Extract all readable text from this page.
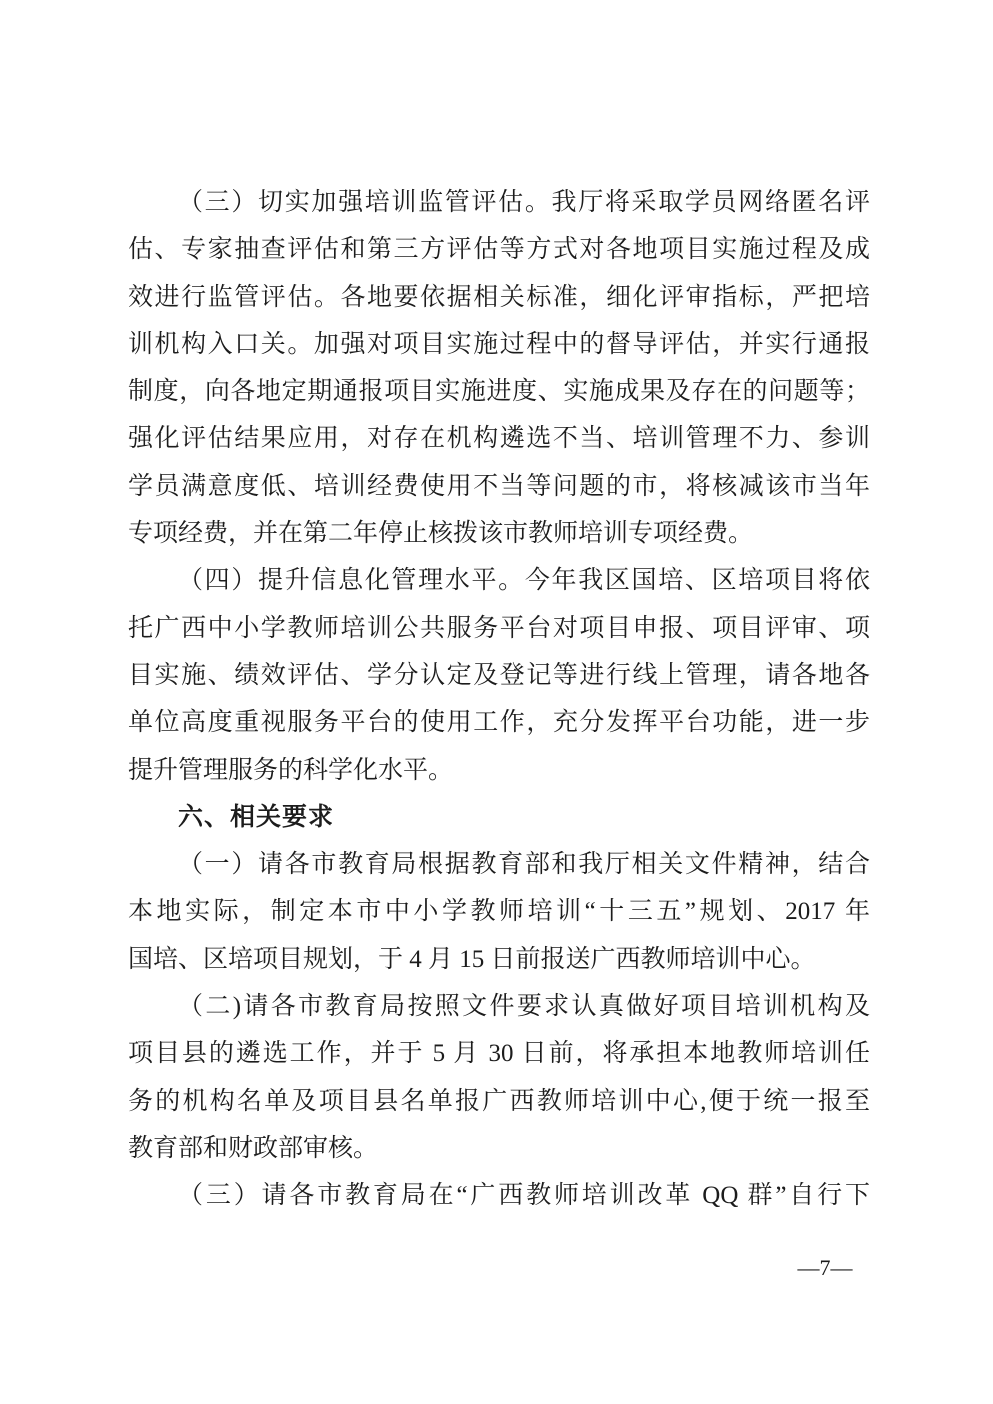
（三）切实加强培训监管评估。我厅将采取学员网络匿名评
估、专家抽查评估和第三方评估等方式对各地项目实施过程及成
效进行监管评估。各地要依据相关标准，细化评审指标，严把培
训机构入口关。加强对项目实施过程中的督导评估，并实行通报
制度，向各地定期通报项目实施进度、实施成果及存在的问题等；
强化评估结果应用，对存在机构遴选不当、培训管理不力、参训
学员满意度低、培训经费使用不当等问题的市，将核减该市当年
专项经费，并在第二年停止核拨该市教师培训专项经费。
（四）提升信息化管理水平。今年我区国培、区培项目将依
托广西中小学教师培训公共服务平台对项目申报、项目评审、项
目实施、绩效评估、学分认定及登记等进行线上管理，请各地各
单位高度重视服务平台的使用工作，充分发挥平台功能，进一步
提升管理服务的科学化水平。
六、相关要求
（一）请各市教育局根据教育部和我厅相关文件精神，结合
本地实际，制定本市中小学教师培训“十三五”规划、2017 年
国培、区培项目规划，于 4 月 15 日前报送广西教师培训中心。
（二)请各市教育局按照文件要求认真做好项目培训机构及
项目县的遴选工作，并于 5 月 30 日前，将承担本地教师培训任
务的机构名单及项目县名单报广西教师培训中心,便于统一报至
教育部和财政部审核。
（三）请各市教育局在“广西教师培训改革 QQ 群”自行下
—7—
